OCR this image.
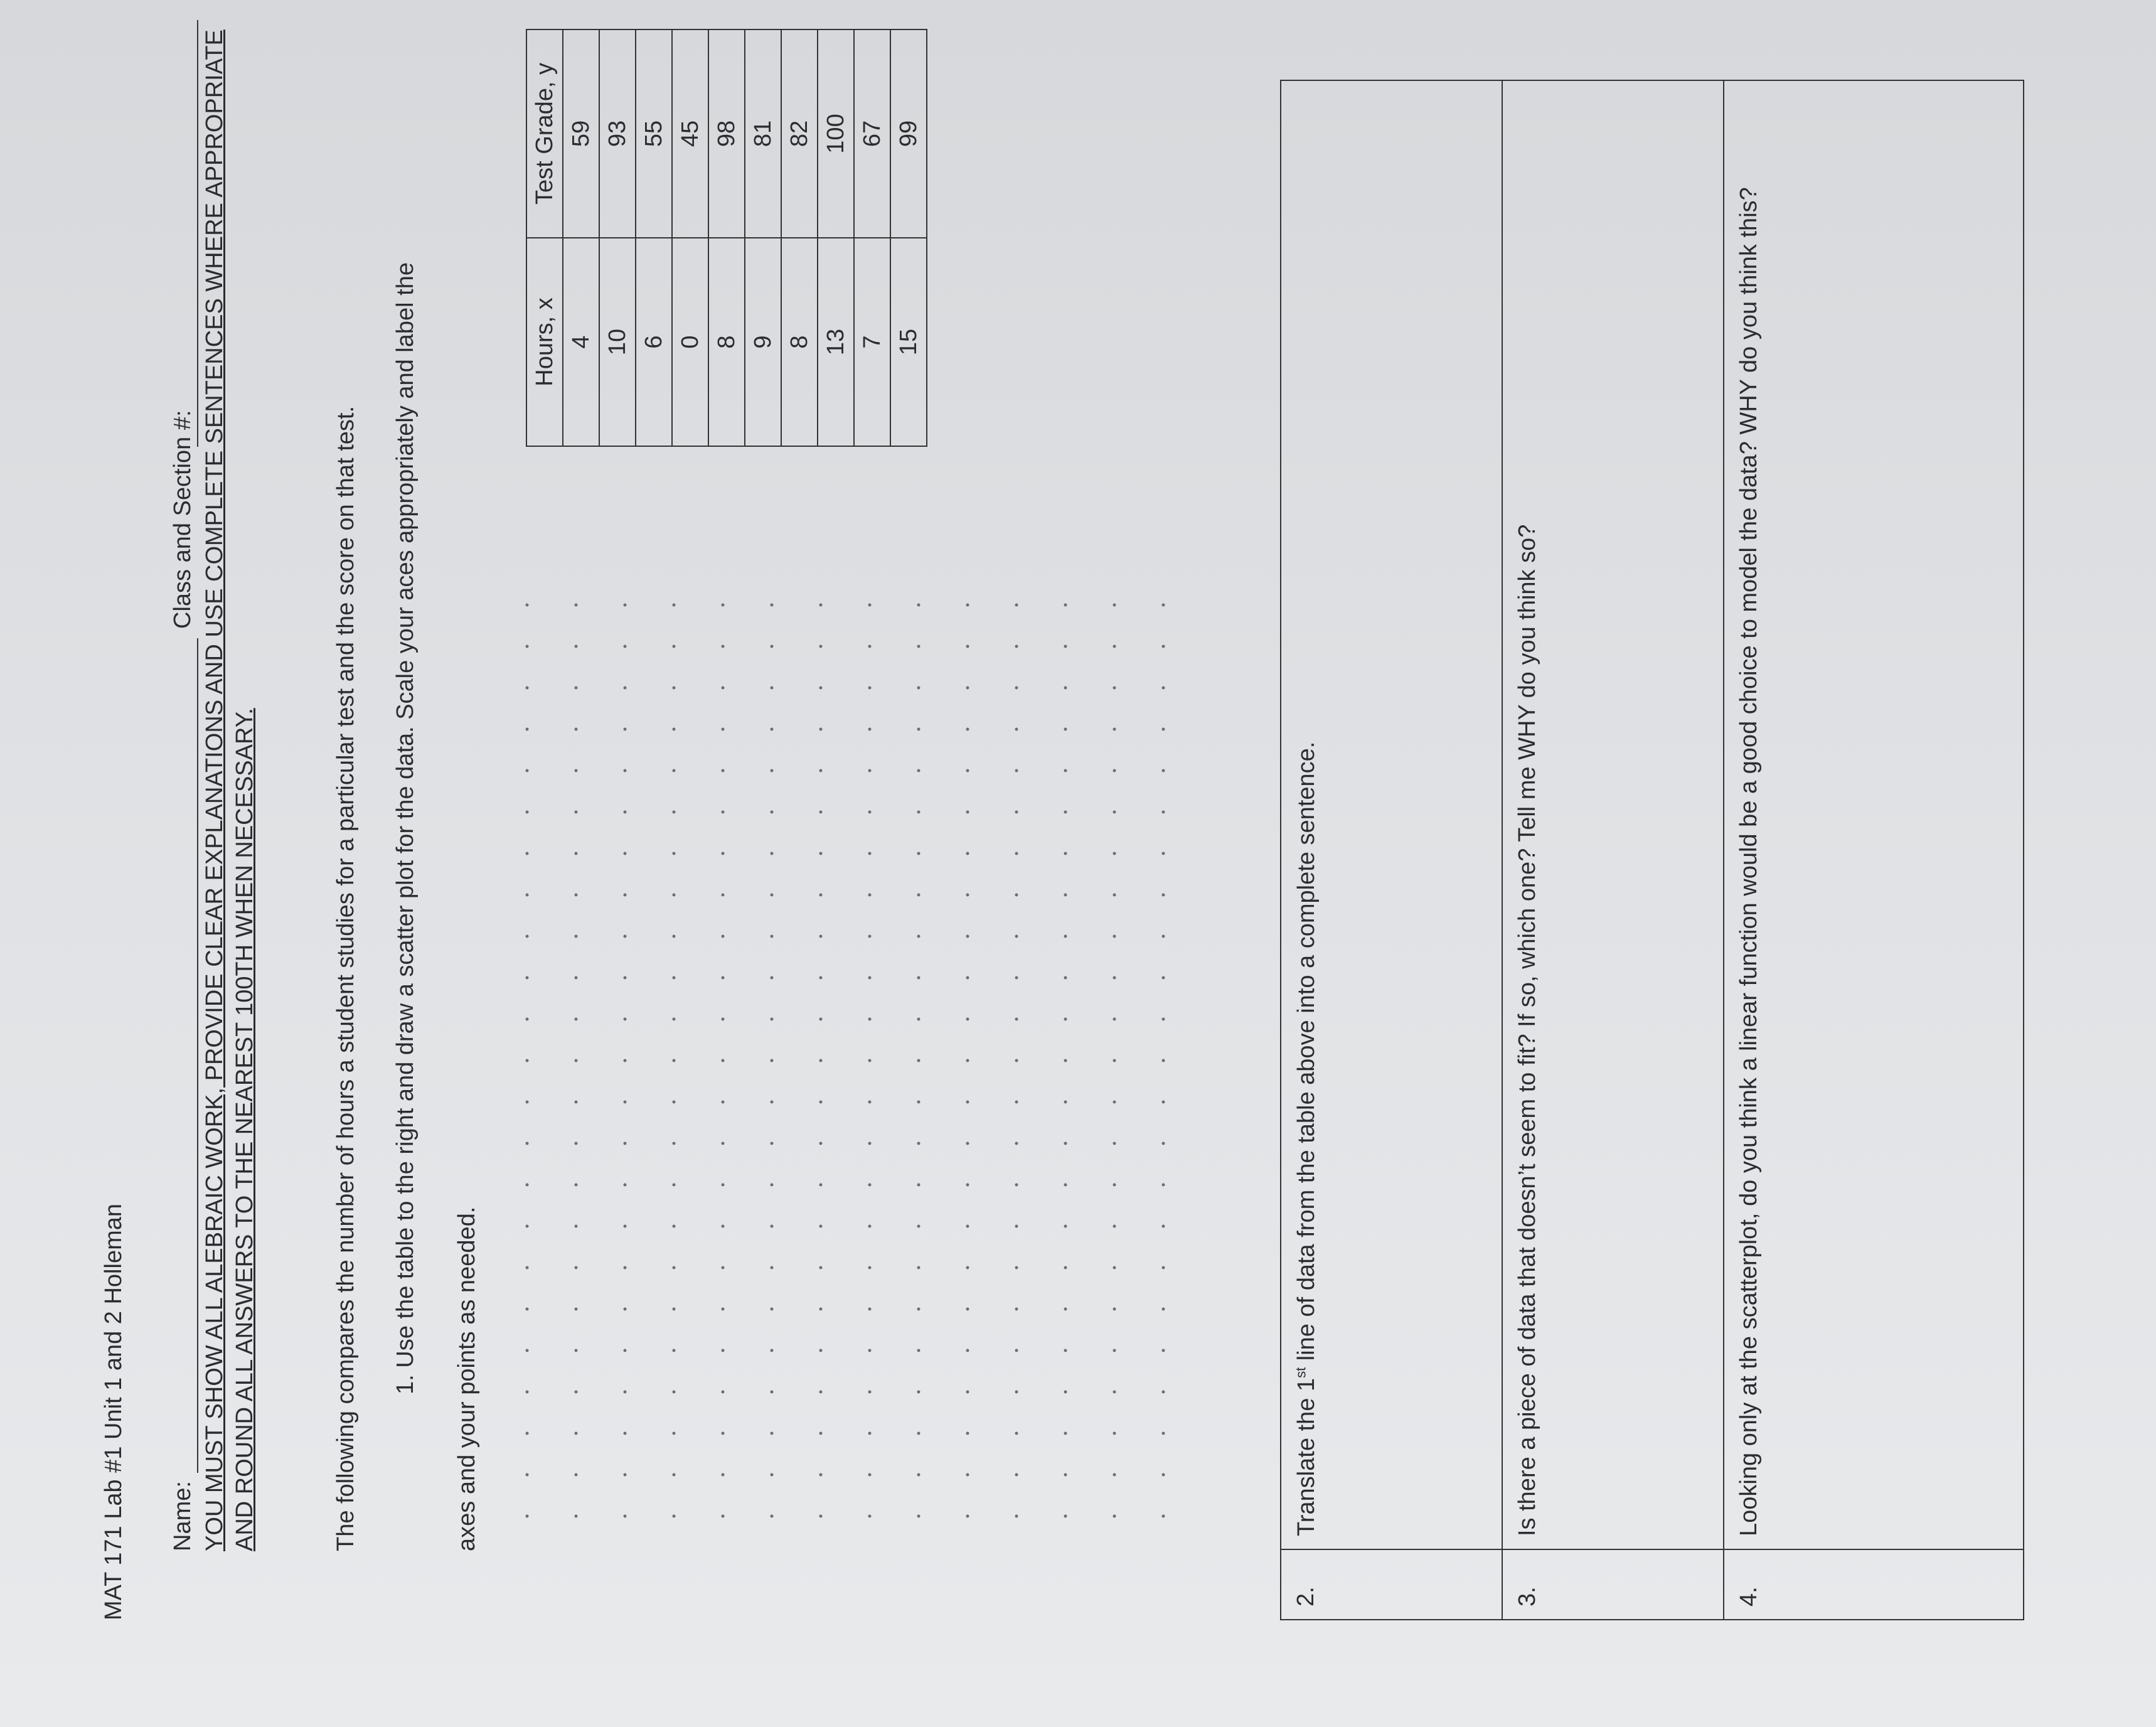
MAT 171 Lab #1 Unit 1 and 2 Holleman Name:
Class and Section #: YOU MUST SHOW ALL ALEBRAIC WORK, PROVIDE CLEAR EXPLANATIONS AND USE COMPLETE SENTENCES WHERE APPROPRIATE AND ROUND ALL ANSWERS TO THE NEAREST 100TH WHEN NECESSARY.	The following compares the number of hours a student studies for a particular test and the score on that test. 1. Use the table to the right and draw a scatter plot for the data. Scale your aces appropriately and label the axes and your points as needed.
Hours, x	Test Grade, y
4	59
10	93
6	55
0	45
8	98
9	81
8	82
13	100
7	67
15	99
2.	Translate the 1st line of data from the table above into a complete sentence.
3.	Is there a piece of data that doesn’t seem to fit? If so, which one? Tell me WHY do you think so?
4.	Looking only at the scatterplot, do you think a linear function would be a good choice to model the data? WHY do you think this?
